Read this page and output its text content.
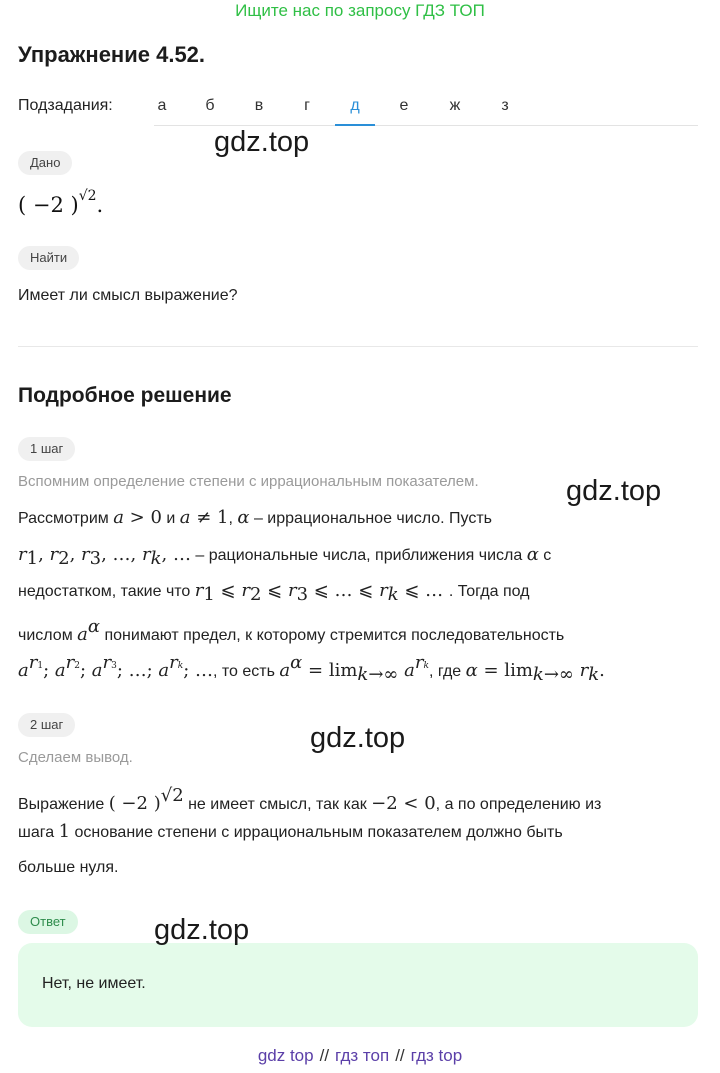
Ищите нас по запросу ГДЗ ТОП
Упражнение 4.52.
Подзадания:	а	б	в	г	д	е	ж	з
Дано
( −2 )$^{√2}$.
Найти
Имеет ли смысл выражение?
Подробное решение
1 шаг
Вспомним определение степени с иррациональным показателем.
Рассмотрим a > 0 и a ≠ 1, α – иррациональное число. Пусть
$r_1$, $r_2$, $r_3$, …, $r_k$, … – рациональные числа, приближения числа α с
недостатком, такие что $r_1$ ⩽ $r_2$ ⩽ $r_3$ ⩽ … ⩽ $r_k$ ⩽ … . Тогда под
числом $a^\alpha$ понимают предел, к которому стремится последовательность
$a^{r1}$; $a^{r2}$; $a^{r3}$; …; $a^{rk}$; …, то есть $a^\alpha = \lim_{k\to\infty} a^{rk}$, где $\alpha = \lim_{k\to\infty} r_k$.
2 шаг
Сделаем вывод.
Выражение ( −2 )$^{√2}$ не имеет смысл, так как −2 < 0, а по определению из
шага 1 основание степени с иррациональным показателем должно быть
больше нуля.
Ответ
Нет, не имеет.
gdz.top
gdz.top
gdz.top
gdz.top
gdz top // гдз топ // гдз top
